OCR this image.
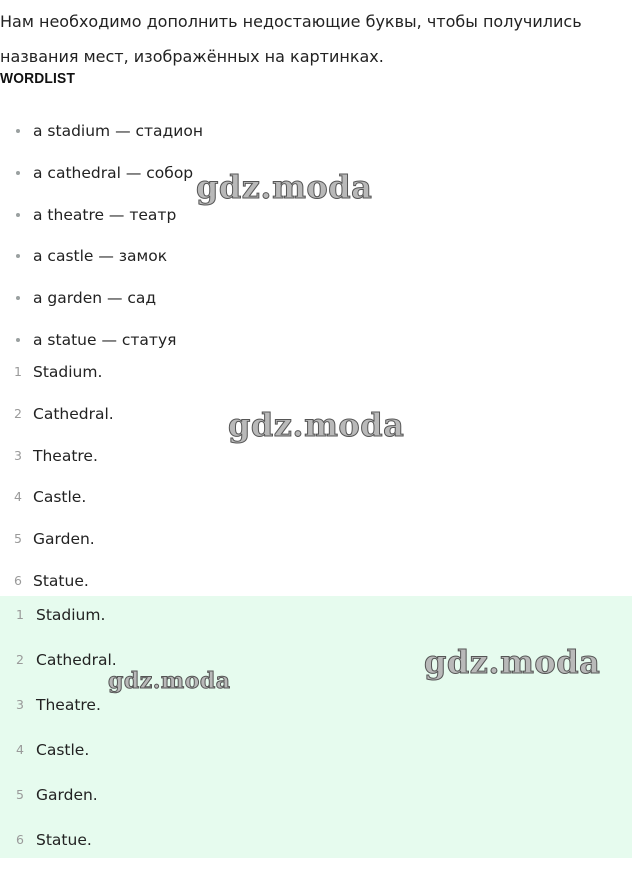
Нам необходимо дополнить недостающие буквы, чтобы получились названия мест, изображённых на картинках.
WORDLIST
a stadium — стадион
a cathedral — собор
a theatre — театр
a castle — замок
a garden — сад
a statue — статуя
1 Stadium.
2 Cathedral.
3 Theatre.
4 Castle.
5 Garden.
6 Statue.
1 Stadium.
2 Cathedral.
3 Theatre.
4 Castle.
5 Garden.
6 Statue.
gdz.moda
gdz.moda
gdz.moda
gdz.moda
